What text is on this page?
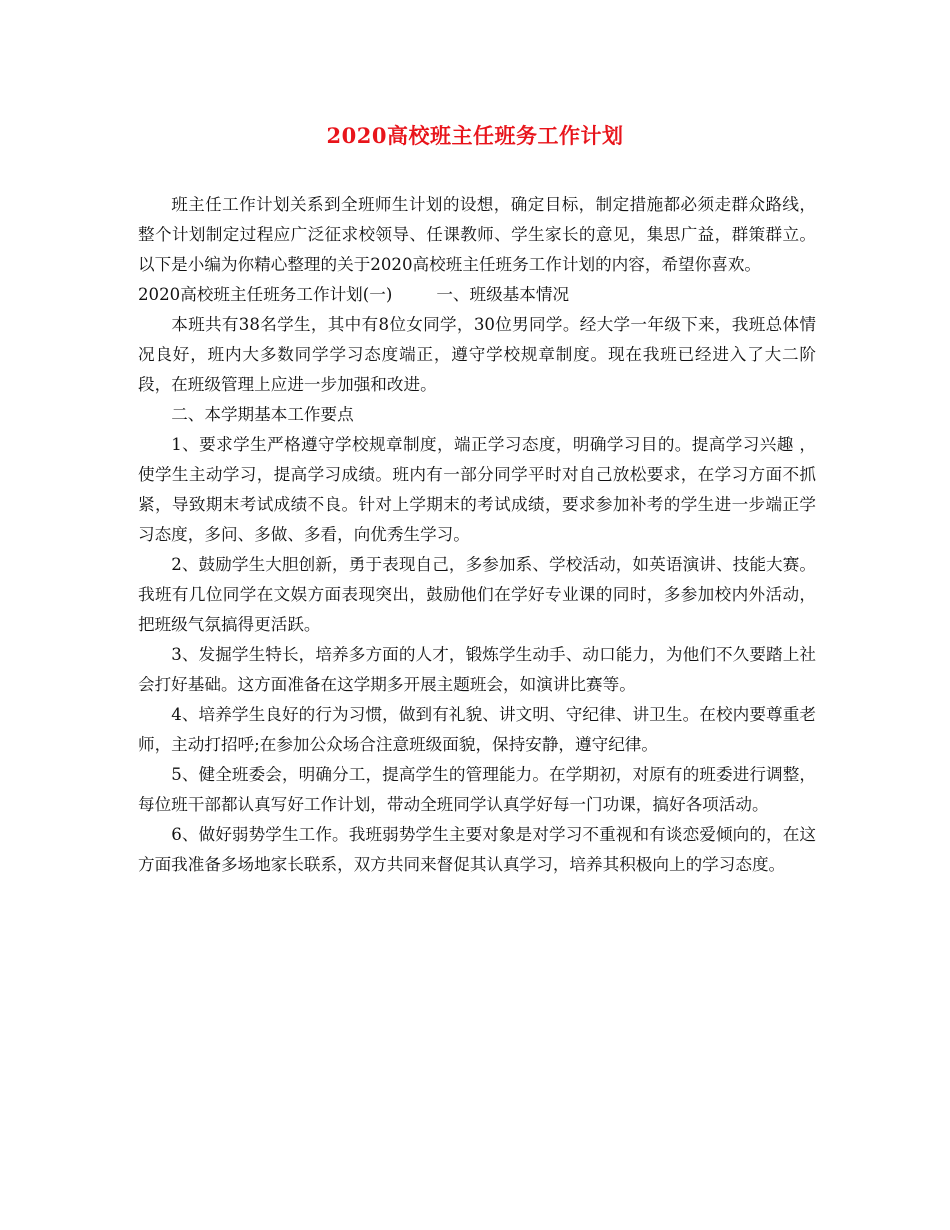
2020高校班主任班务工作计划

班主任工作计划关系到全班师生计划的设想，确定目标，制定措施都必须走群众路线，整个计划制定过程应广泛征求校领导、任课教师、学生家长的意见，集思广益，群策群立。以下是小编为你精心整理的关于2020高校班主任班务工作计划的内容，希望你喜欢。

2020高校班主任班务工作计划(一)	一、班级基本情况

本班共有38名学生，其中有8位女同学，30位男同学。经大学一年级下来，我班总体情况良好，班内大多数同学学习态度端正，遵守学校规章制度。现在我班已经进入了大二阶段，在班级管理上应进一步加强和改进。

二、本学期基本工作要点

1、要求学生严格遵守学校规章制度，端正学习态度，明确学习目的。提高学习兴趣 ，使学生主动学习，提高学习成绩。班内有一部分同学平时对自己放松要求，在学习方面不抓紧，导致期末考试成绩不良。针对上学期末的考试成绩，要求参加补考的学生进一步端正学习态度，多问、多做、多看，向优秀生学习。

2、鼓励学生大胆创新，勇于表现自己，多参加系、学校活动，如英语演讲、技能大赛。我班有几位同学在文娱方面表现突出，鼓励他们在学好专业课的同时，多参加校内外活动，把班级气氛搞得更活跃。

3、发掘学生特长，培养多方面的人才，锻炼学生动手、动口能力，为他们不久要踏上社会打好基础。这方面准备在这学期多开展主题班会，如演讲比赛等。

4、培养学生良好的行为习惯，做到有礼貌、讲文明、守纪律、讲卫生。在校内要尊重老师，主动打招呼;在参加公众场合注意班级面貌，保持安静，遵守纪律。

5、健全班委会，明确分工，提高学生的管理能力。在学期初，对原有的班委进行调整，每位班干部都认真写好工作计划，带动全班同学认真学好每一门功课，搞好各项活动。

6、做好弱势学生工作。我班弱势学生主要对象是对学习不重视和有谈恋爱倾向的，在这方面我准备多场地家长联系，双方共同来督促其认真学习，培养其积极向上的学习态度。
